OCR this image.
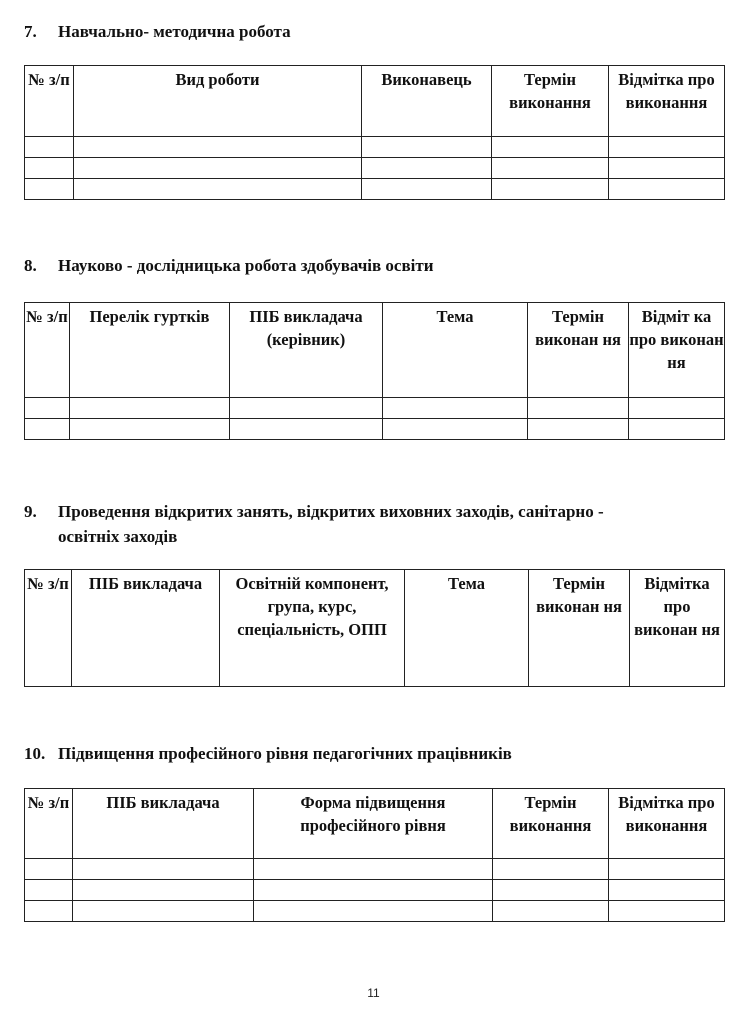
7. Навчально- методична робота
№ з/п	Вид роботи	Виконавець	Термін виконання	Відмітка про виконання

8. Науково - дослідницька робота здобувачів освіти
№ з/п	Перелік гуртків	ПІБ викладача (керівник)	Тема	Термін виконан ня	Відміт ка про виконан ня

9. Проведення відкритих занять, відкритих виховних заходів, санітарно -
освітніх заходів
№ з/п	ПІБ викладача	Освітній компонент, група, курс, спеціальність, ОПП	Тема	Термін виконан ня	Відмітка про виконан ня
10. Підвищення професійного рівня педагогічних працівників
№ з/п	ПІБ викладача	Форма підвищення професійного рівня	Термін виконання	Відмітка про виконання

11
